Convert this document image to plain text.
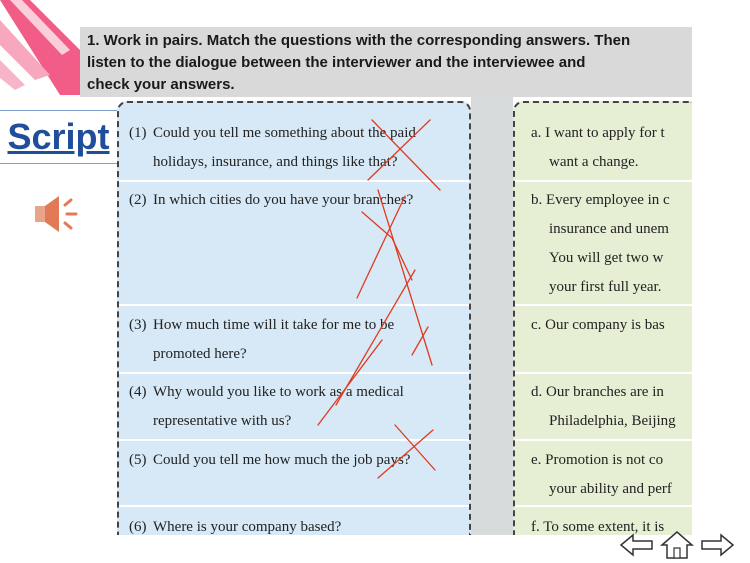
1. Work in pairs. Match the questions with the corresponding answers. Then
listen to the dialogue between the interviewer and the interviewee and
check your answers.

Script	(1) Could you tell me something about the paid
holidays, insurance, and things like that?
(2) In which cities do you have your branches?
(3) How much time will it take for me to be
promoted here?
(4) Why would you like to work as a medical
representative with us?
(5) Could you tell me how much the job pays?
(6) Where is your company based?
a. I want to apply for t
want a change.
b. Every employee in c
insurance and unem
You will get two w
your first full year.
c. Our company is bas
d. Our branches are in
Philadelphia, Beijing
e. Promotion is not co
your ability and perf
f. To some extent, it is
